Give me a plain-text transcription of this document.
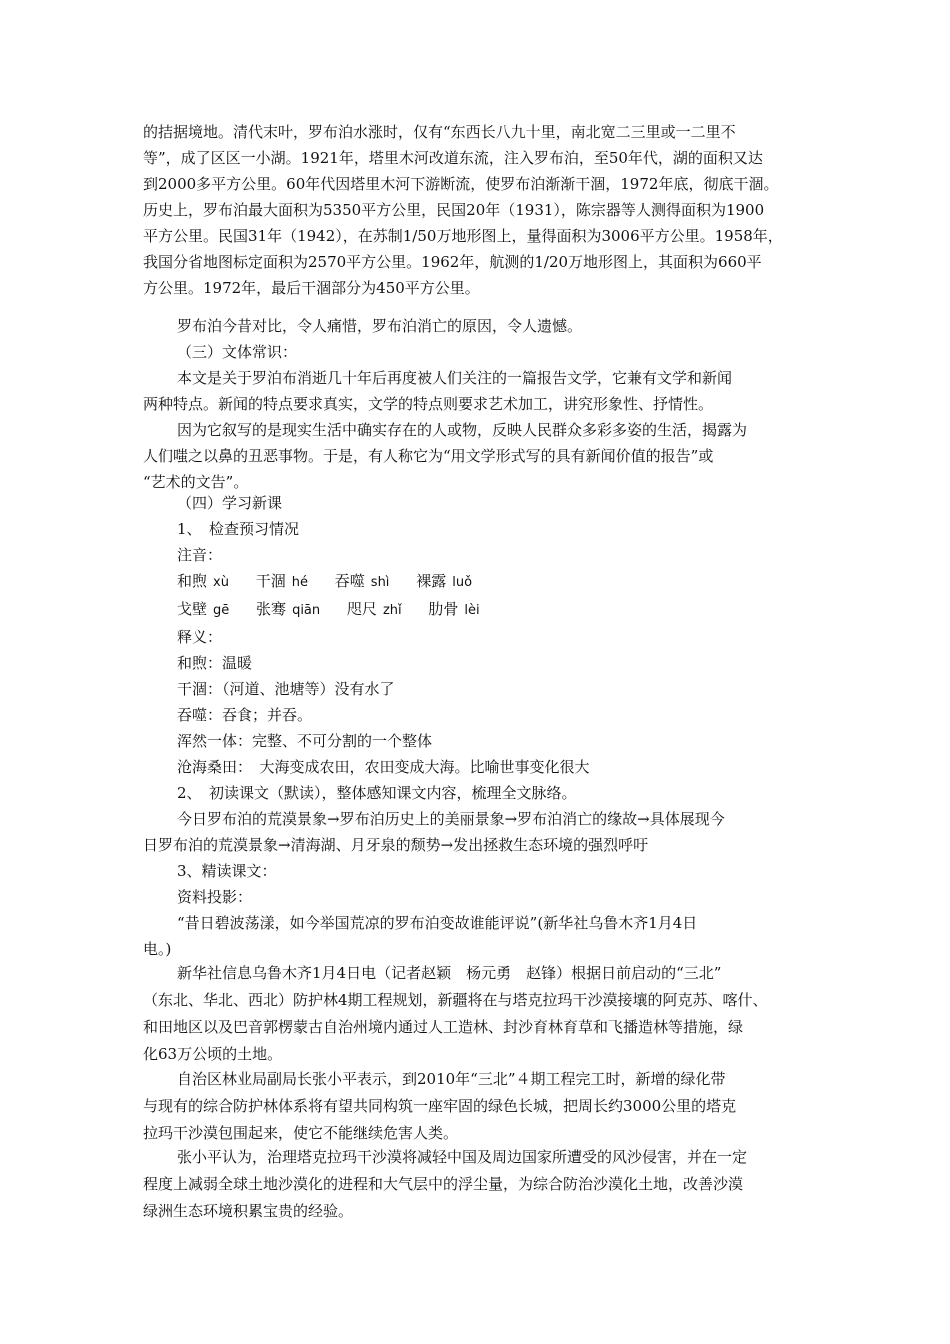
的拮据境地。清代末叶，罗布泊水涨时，仅有“东西长八九十里，南北宽二三里或一二里不
等”，成了区区一小湖。1921年，塔里木河改道东流，注入罗布泊，至50年代，湖的面积又达
到2000多平方公里。60年代因塔里木河下游断流，使罗布泊渐渐干涸，1972年底，彻底干涸。
历史上，罗布泊最大面积为5350平方公里，民国20年（1931），陈宗器等人测得面积为1900
平方公里。民国31年（1942），在苏制1/50万地形图上，量得面积为3006平方公里。1958年，
我国分省地图标定面积为2570平方公里。1962年，航测的1/20万地形图上，其面积为660平
方公里。1972年，最后干涸部分为450平方公里。
罗布泊今昔对比，令人痛惜，罗布泊消亡的原因，令人遗憾。
（三）文体常识：
本文是关于罗泊布消逝几十年后再度被人们关注的一篇报告文学，它兼有文学和新闻
两种特点。新闻的特点要求真实，文学的特点则要求艺术加工，讲究形象性、抒情性。
因为它叙写的是现实生活中确实存在的人或物，反映人民群众多彩多姿的生活，揭露为
人们嗤之以鼻的丑恶事物。于是，有人称它为“用文学形式写的具有新闻价值的报告”或
“艺术的文告”。
（四）学习新课
1、　检查预习情况
注音：
和煦 xù 干涸 hé 吞噬 shì 裸露 luǒ
戈壁 gē 张骞 qiān 咫尺 zhǐ 肋骨 lèi
释义：
和煦：温暖
干涸：（河道、池塘等）没有水了
吞噬：吞食；并吞。
浑然一体：完整、不可分割的一个整体
沧海桑田：　大海变成农田，农田变成大海。比喻世事变化很大
2、　初读课文（默读），整体感知课文内容，梳理全文脉络。
今日罗布泊的荒漠景象→罗布泊历史上的美丽景象→罗布泊消亡的缘故→具体展现今
日罗布泊的荒漠景象→清海湖、月牙泉的颓势→发出拯救生态环境的强烈呼吁
3、精读课文：
资料投影：
“昔日碧波荡漾，如今举国荒凉的罗布泊变故谁能评说”(新华社乌鲁木齐1月4日
电。)
新华社信息乌鲁木齐1月4日电（记者赵颖　杨元勇　赵锋）根据日前启动的“三北”
（东北、华北、西北）防护林4期工程规划，新疆将在与塔克拉玛干沙漠接壤的阿克苏、喀什、
和田地区以及巴音郭楞蒙古自治州境内通过人工造林、封沙育林育草和飞播造林等措施，绿
化63万公顷的土地。
自治区林业局副局长张小平表示，到2010年“三北”４期工程完工时，新增的绿化带
与现有的综合防护林体系将有望共同构筑一座牢固的绿色长城，把周长约3000公里的塔克
拉玛干沙漠包围起来，使它不能继续危害人类。
张小平认为，治理塔克拉玛干沙漠将减轻中国及周边国家所遭受的风沙侵害，并在一定
程度上减弱全球土地沙漠化的进程和大气层中的浮尘量，为综合防治沙漠化土地，改善沙漠
绿洲生态环境积累宝贵的经验。
